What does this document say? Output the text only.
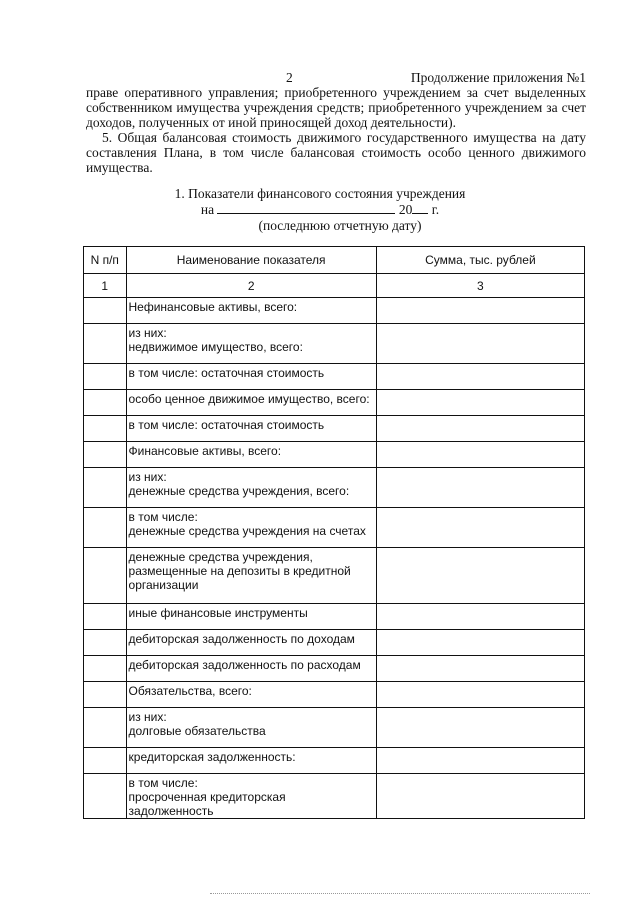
2	Продолжение приложения №1
праве оперативного управления; приобретенного учреждением за счет выделенных собственником имущества учреждения средств; приобретенного учреждением за счет доходов, полученных от иной приносящей доход деятельности).
5. Общая балансовая стоимость движимого государственного имущества на дату составления Плана, в том числе балансовая стоимость особо ценного движимого имущества.
1. Показатели финансового состояния учреждения
на	20 г.
(последнюю отчетную дату)
N п/п	Наименование показателя	Сумма, тыс. рублей
1	2	3
	Нефинансовые активы, всего:	
	из них:
недвижимое имущество, всего:	
	в том числе: остаточная стоимость	
	особо ценное движимое имущество, всего:	
	в том числе: остаточная стоимость	
	Финансовые активы, всего:	
	из них:
денежные средства учреждения, всего:	
	в том числе:
денежные средства учреждения на счетах	
	денежные средства учреждения, размещенные на депозиты в кредитной организации	
	иные финансовые инструменты	
	дебиторская задолженность по доходам	
	дебиторская задолженность по расходам	
	Обязательства, всего:	
	из них:
долговые обязательства	
	кредиторская задолженность:	
	в том числе:
просроченная кредиторская задолженность	
